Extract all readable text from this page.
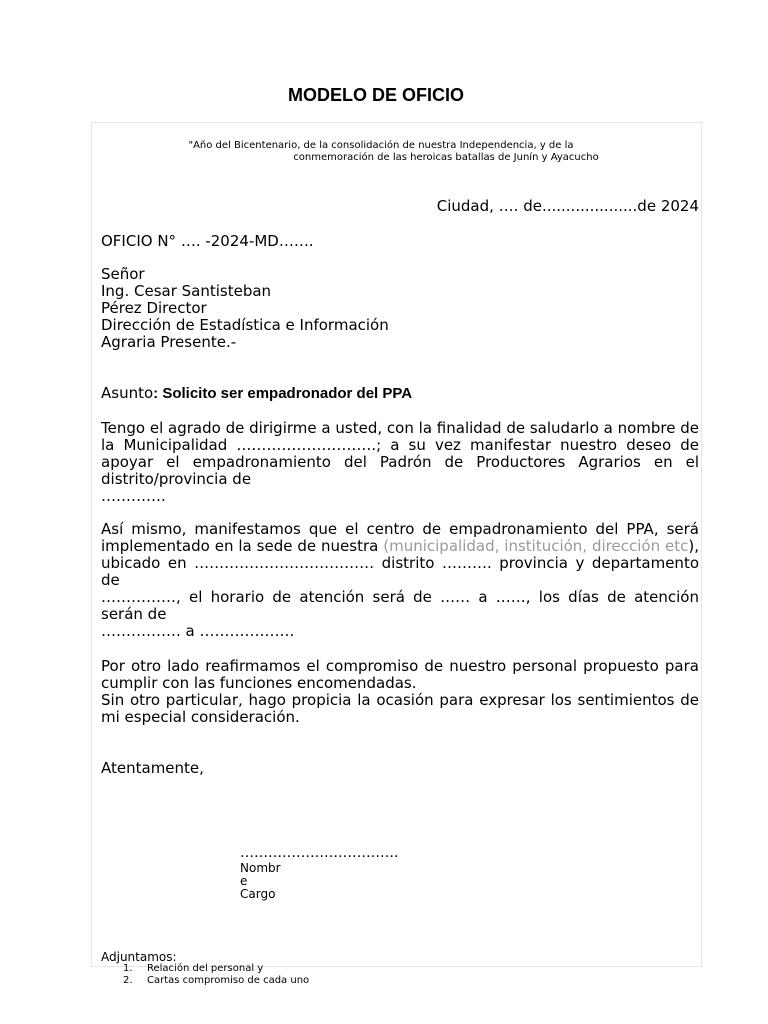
MODELO DE OFICIO
"Año del Bicentenario, de la consolidación de nuestra Independencia, y de la
conmemoración de las heroicas batallas de Junín y Ayacucho
Ciudad, …. de....................de 2024
OFICIO N° …. -2024-MD…….
Señor
Ing. Cesar Santisteban
Pérez Director
Dirección de Estadística e Información
Agraria Presente.-
Asunto: Solicito ser empadronador del PPA
Tengo el agrado de dirigirme a usted, con la finalidad de saludarlo a nombre de la Municipalidad ……………………….; a su vez manifestar nuestro deseo de apoyar el empadronamiento del Padrón de Productores Agrarios en el distrito/provincia de
………….
Así mismo, manifestamos que el centro de empadronamiento del PPA, será implementado en la sede de nuestra (municipalidad, institución, dirección etc), ubicado en ……………………………… distrito ………. provincia y departamento de
……………, el horario de atención será de …… a ……, los días de atención serán de
……………. a ……………….
Por otro lado reafirmamos el compromiso de nuestro personal propuesto para cumplir con las funciones encomendadas.
Sin otro particular, hago propicia la ocasión para expresar los sentimientos de mi especial consideración.
Atentamente,
…………………………….
Nombr
e
Cargo
Adjuntamos:
1. Relación del personal y
2. Cartas compromiso de cada uno
